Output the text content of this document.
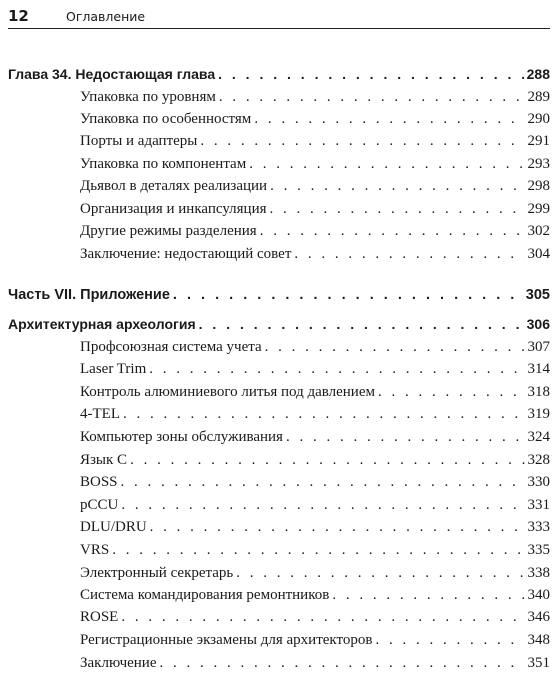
12	Оглавление
Глава 34. Недостающая глава . . .	288
Упаковка по уровням . . .	289
Упаковка по особенностям . . .	290
Порты и адаптеры . . .	291
Упаковка по компонентам . . .	293
Дьявол в деталях реализации . . .	298
Организация и инкапсуляция . . .	299
Другие режимы разделения . . .	302
Заключение: недостающий совет . . .	304
Часть VII. Приложение . . .	305
Архитектурная археология . . .	306
Профсоюзная система учета . . .	307
Laser Trim . . .	314
Контроль алюминиевого литья под давлением . . .	318
4-TEL . . .	319
Компьютер зоны обслуживания . . .	324
Язык C . . .	328
BOSS . . .	330
pCCU . . .	331
DLU/DRU . . .	333
VRS . . .	335
Электронный секретарь . . .	338
Система командирования ремонтников . . .	340
ROSE . . .	346
Регистрационные экзамены для архитекторов . . .	348
Заключение . . .	351
